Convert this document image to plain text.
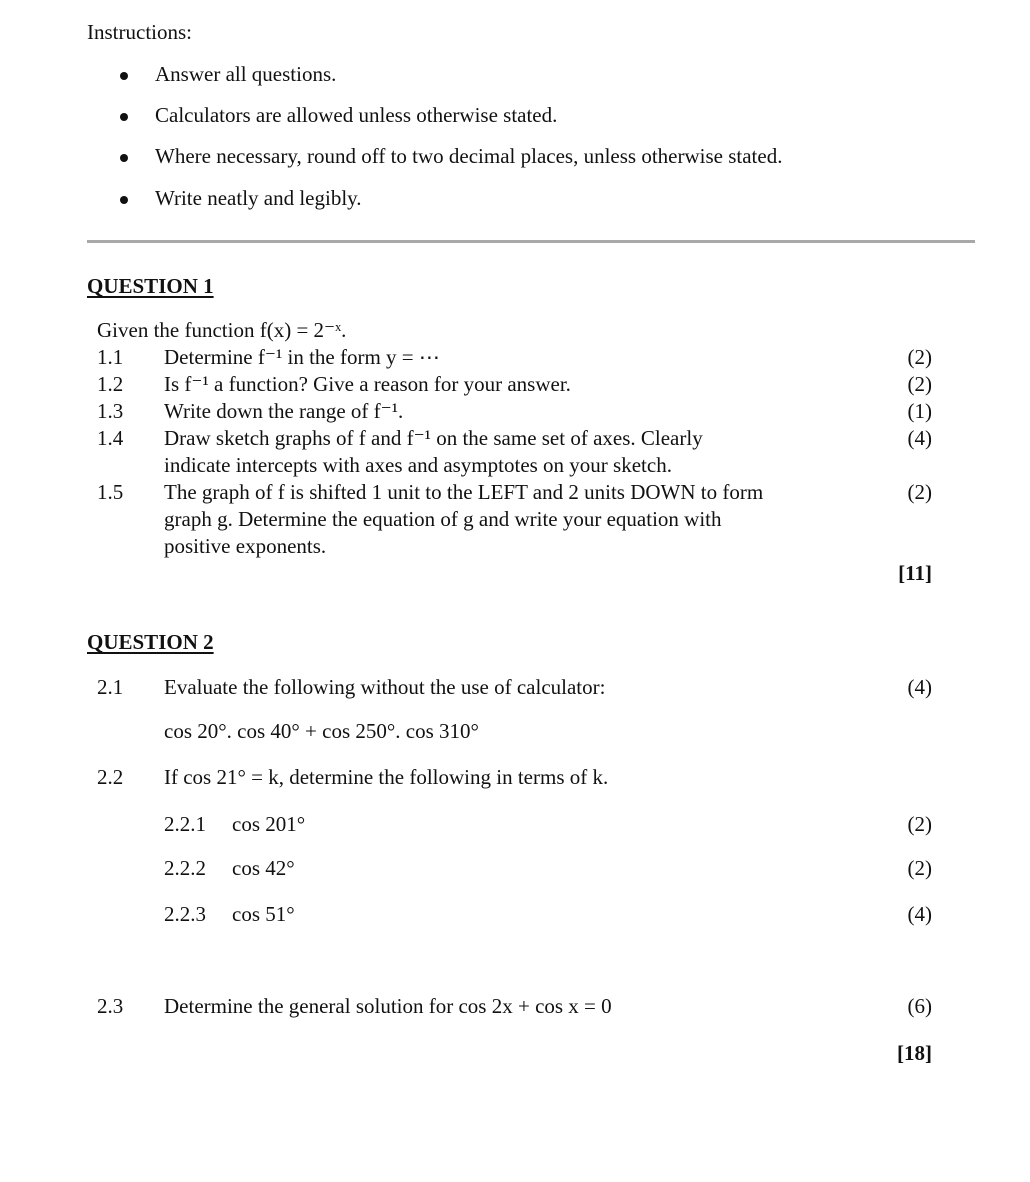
Instructions:
Answer all questions.
Calculators are allowed unless otherwise stated.
Where necessary, round off to two decimal places, unless otherwise stated.
Write neatly and legibly.
QUESTION 1
Given the function f(x) = 2⁻ˣ.
1.1 Determine f⁻¹ in the form y = ⋯	(2)
1.2 Is f⁻¹ a function? Give a reason for your answer.	(2)
1.3 Write down the range of f⁻¹.	(1)
1.4 Draw sketch graphs of f and f⁻¹ on the same set of axes. Clearly
indicate intercepts with axes and asymptotes on your sketch.
(4)
1.5 The graph of f is shifted 1 unit to the LEFT and 2 units DOWN to form
graph g. Determine the equation of g and write your equation with
positive exponents.
(2)
[11]
QUESTION 2
2.1 Evaluate the following without the use of calculator:	(4)
cos 20°. cos 40° + cos 250°. cos 310°
2.2 If cos 21° = k, determine the following in terms of k.
2.2.1 cos 201°	(2)
2.2.2 cos 42°	(2)
2.2.3 cos 51°	(4)
2.3 Determine the general solution for cos 2x + cos x = 0	(6)
[18]
